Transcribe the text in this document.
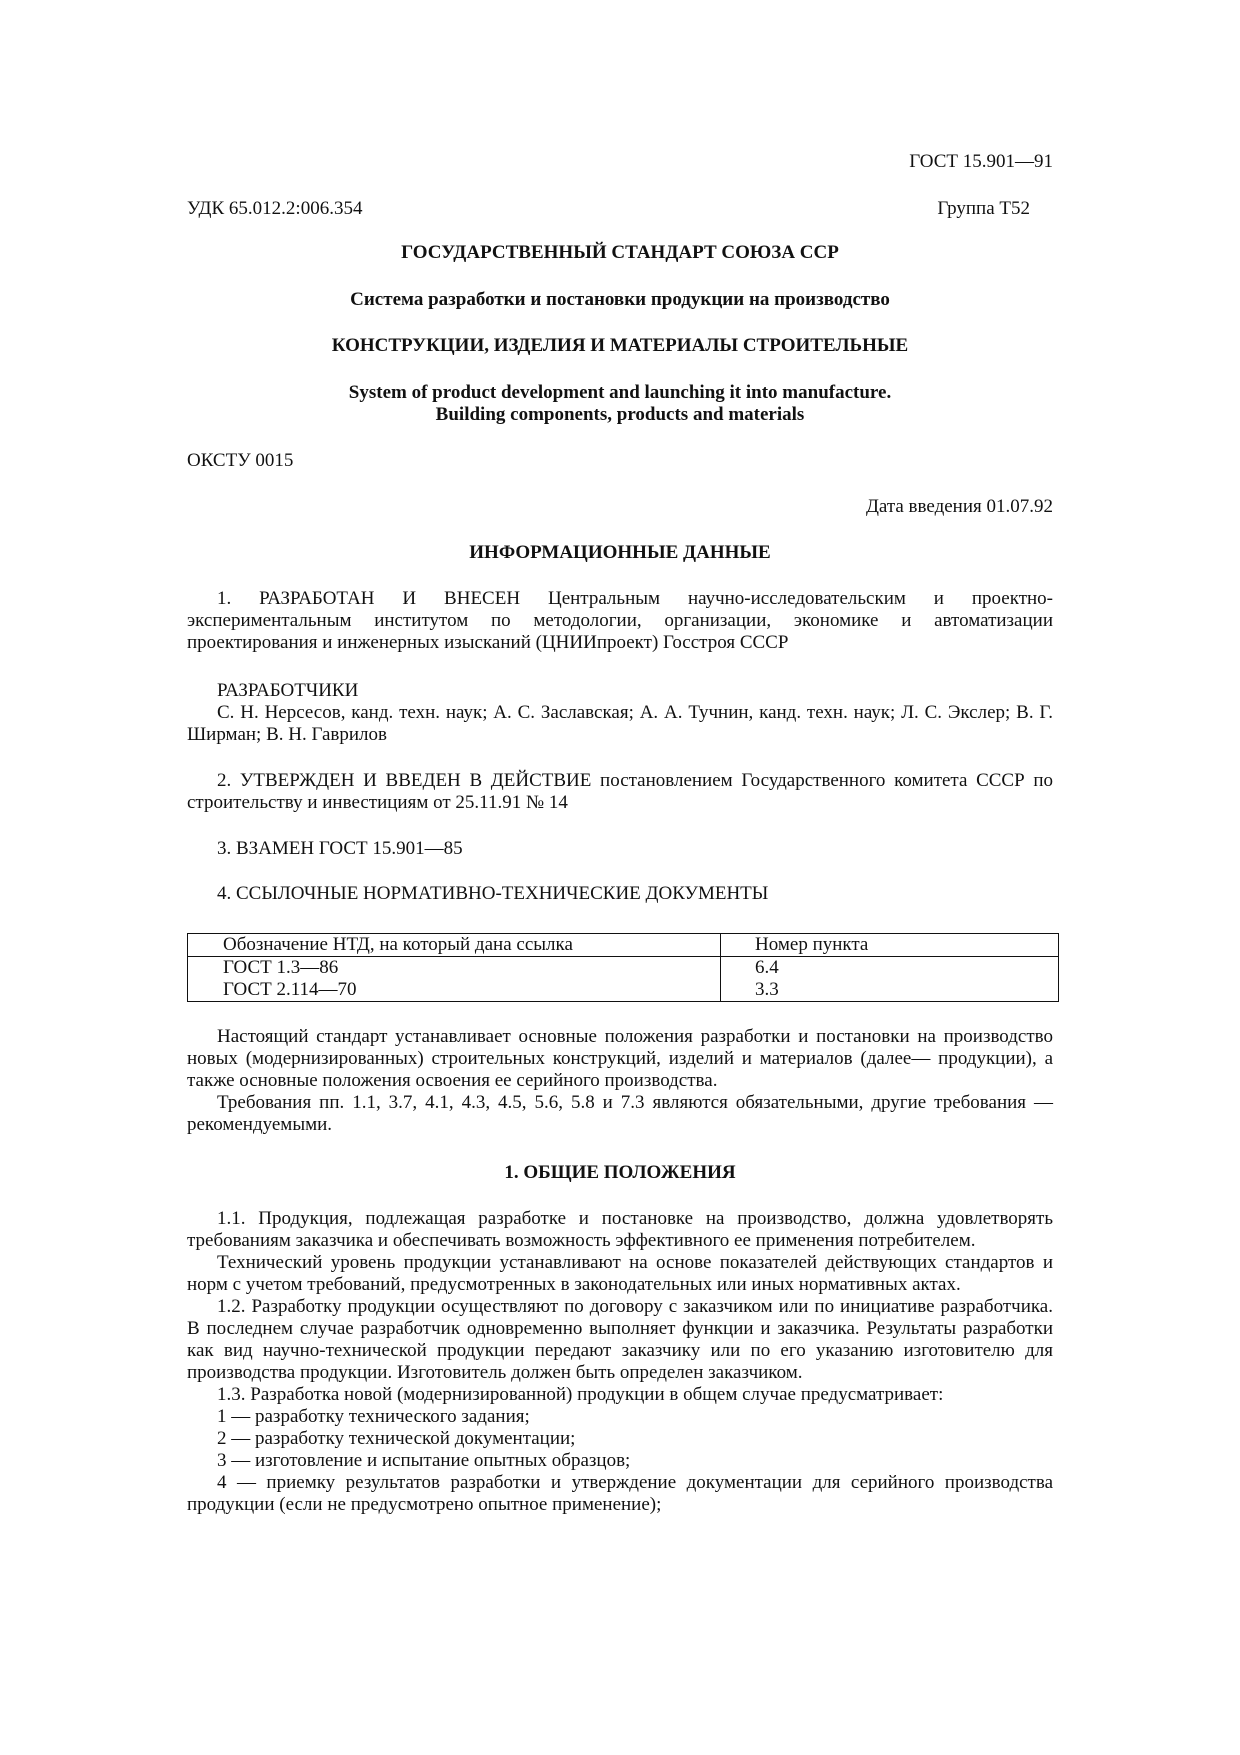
ГОСТ 15.901—91
УДК 65.012.2:006.354	Группа Т52
ГОСУДАРСТВЕННЫЙ СТАНДАРТ СОЮЗА ССР
Система разработки и постановки продукции на производство
КОНСТРУКЦИИ, ИЗДЕЛИЯ И МАТЕРИАЛЫ СТРОИТЕЛЬНЫЕ
System of product development and launching it into manufacture.
Building components, products and materials
ОКСТУ 0015
Дата введения 01.07.92
ИНФОРМАЦИОННЫЕ ДАННЫЕ

1. РАЗРАБОТАН И ВНЕСЕН Центральным научно-исследовательским и проектно-экспериментальным институтом по методологии, организации, экономике и автоматизации проектирования и инженерных изысканий (ЦНИИпроект) Госстроя СССР

РАЗРАБОТЧИКИ

С. Н. Нерсесов, канд. техн. наук; А. С. Заславская; А. А. Тучнин, канд. техн. наук; Л. С. Экслер; В. Г. Ширман; В. Н. Гаврилов

2. УТВЕРЖДЕН И ВВЕДЕН В ДЕЙСТВИЕ постановлением Государственного комитета СССР по строительству и инвестициям от 25.11.91 № 14

3. ВЗАМЕН ГОСТ 15.901—85

4. ССЫЛОЧНЫЕ НОРМАТИВНО-ТЕХНИЧЕСКИЕ ДОКУМЕНТЫ

Обозначение НТД, на который дана ссылка	Номер пункта
ГОСТ 1.3—86	6.4
ГОСТ 2.114—70	3.3

Настоящий стандарт устанавливает основные положения разработки и постановки на производство новых (модернизированных) строительных конструкций, изделий и материалов (далее— продукции), а также основные положения освоения ее серийного производства.

Требования пп. 1.1, 3.7, 4.1, 4.3, 4.5, 5.6, 5.8 и 7.3 являются обязательными, другие требования — рекомендуемыми.

1. ОБЩИЕ ПОЛОЖЕНИЯ

1.1. Продукция, подлежащая разработке и постановке на производство, должна удовлетворять требованиям заказчика и обеспечивать возможность эффективного ее применения потребителем.

Технический уровень продукции устанавливают на основе показателей действующих стандартов и норм с учетом требований, предусмотренных в законодательных или иных нормативных актах.

1.2. Разработку продукции осуществляют по договору с заказчиком или по инициативе разработчика. В последнем случае разработчик одновременно выполняет функции и заказчика. Результаты разработки как вид научно-технической продукции передают заказчику или по его указанию изготовителю для производства продукции. Изготовитель должен быть определен заказчиком.

1.3. Разработка новой (модернизированной) продукции в общем случае предусматривает:

1 — разработку технического задания;

2 — разработку технической документации;

3 — изготовление и испытание опытных образцов;

4 — приемку результатов разработки и утверждение документации для серийного производства продукции (если не предусмотрено опытное применение);
